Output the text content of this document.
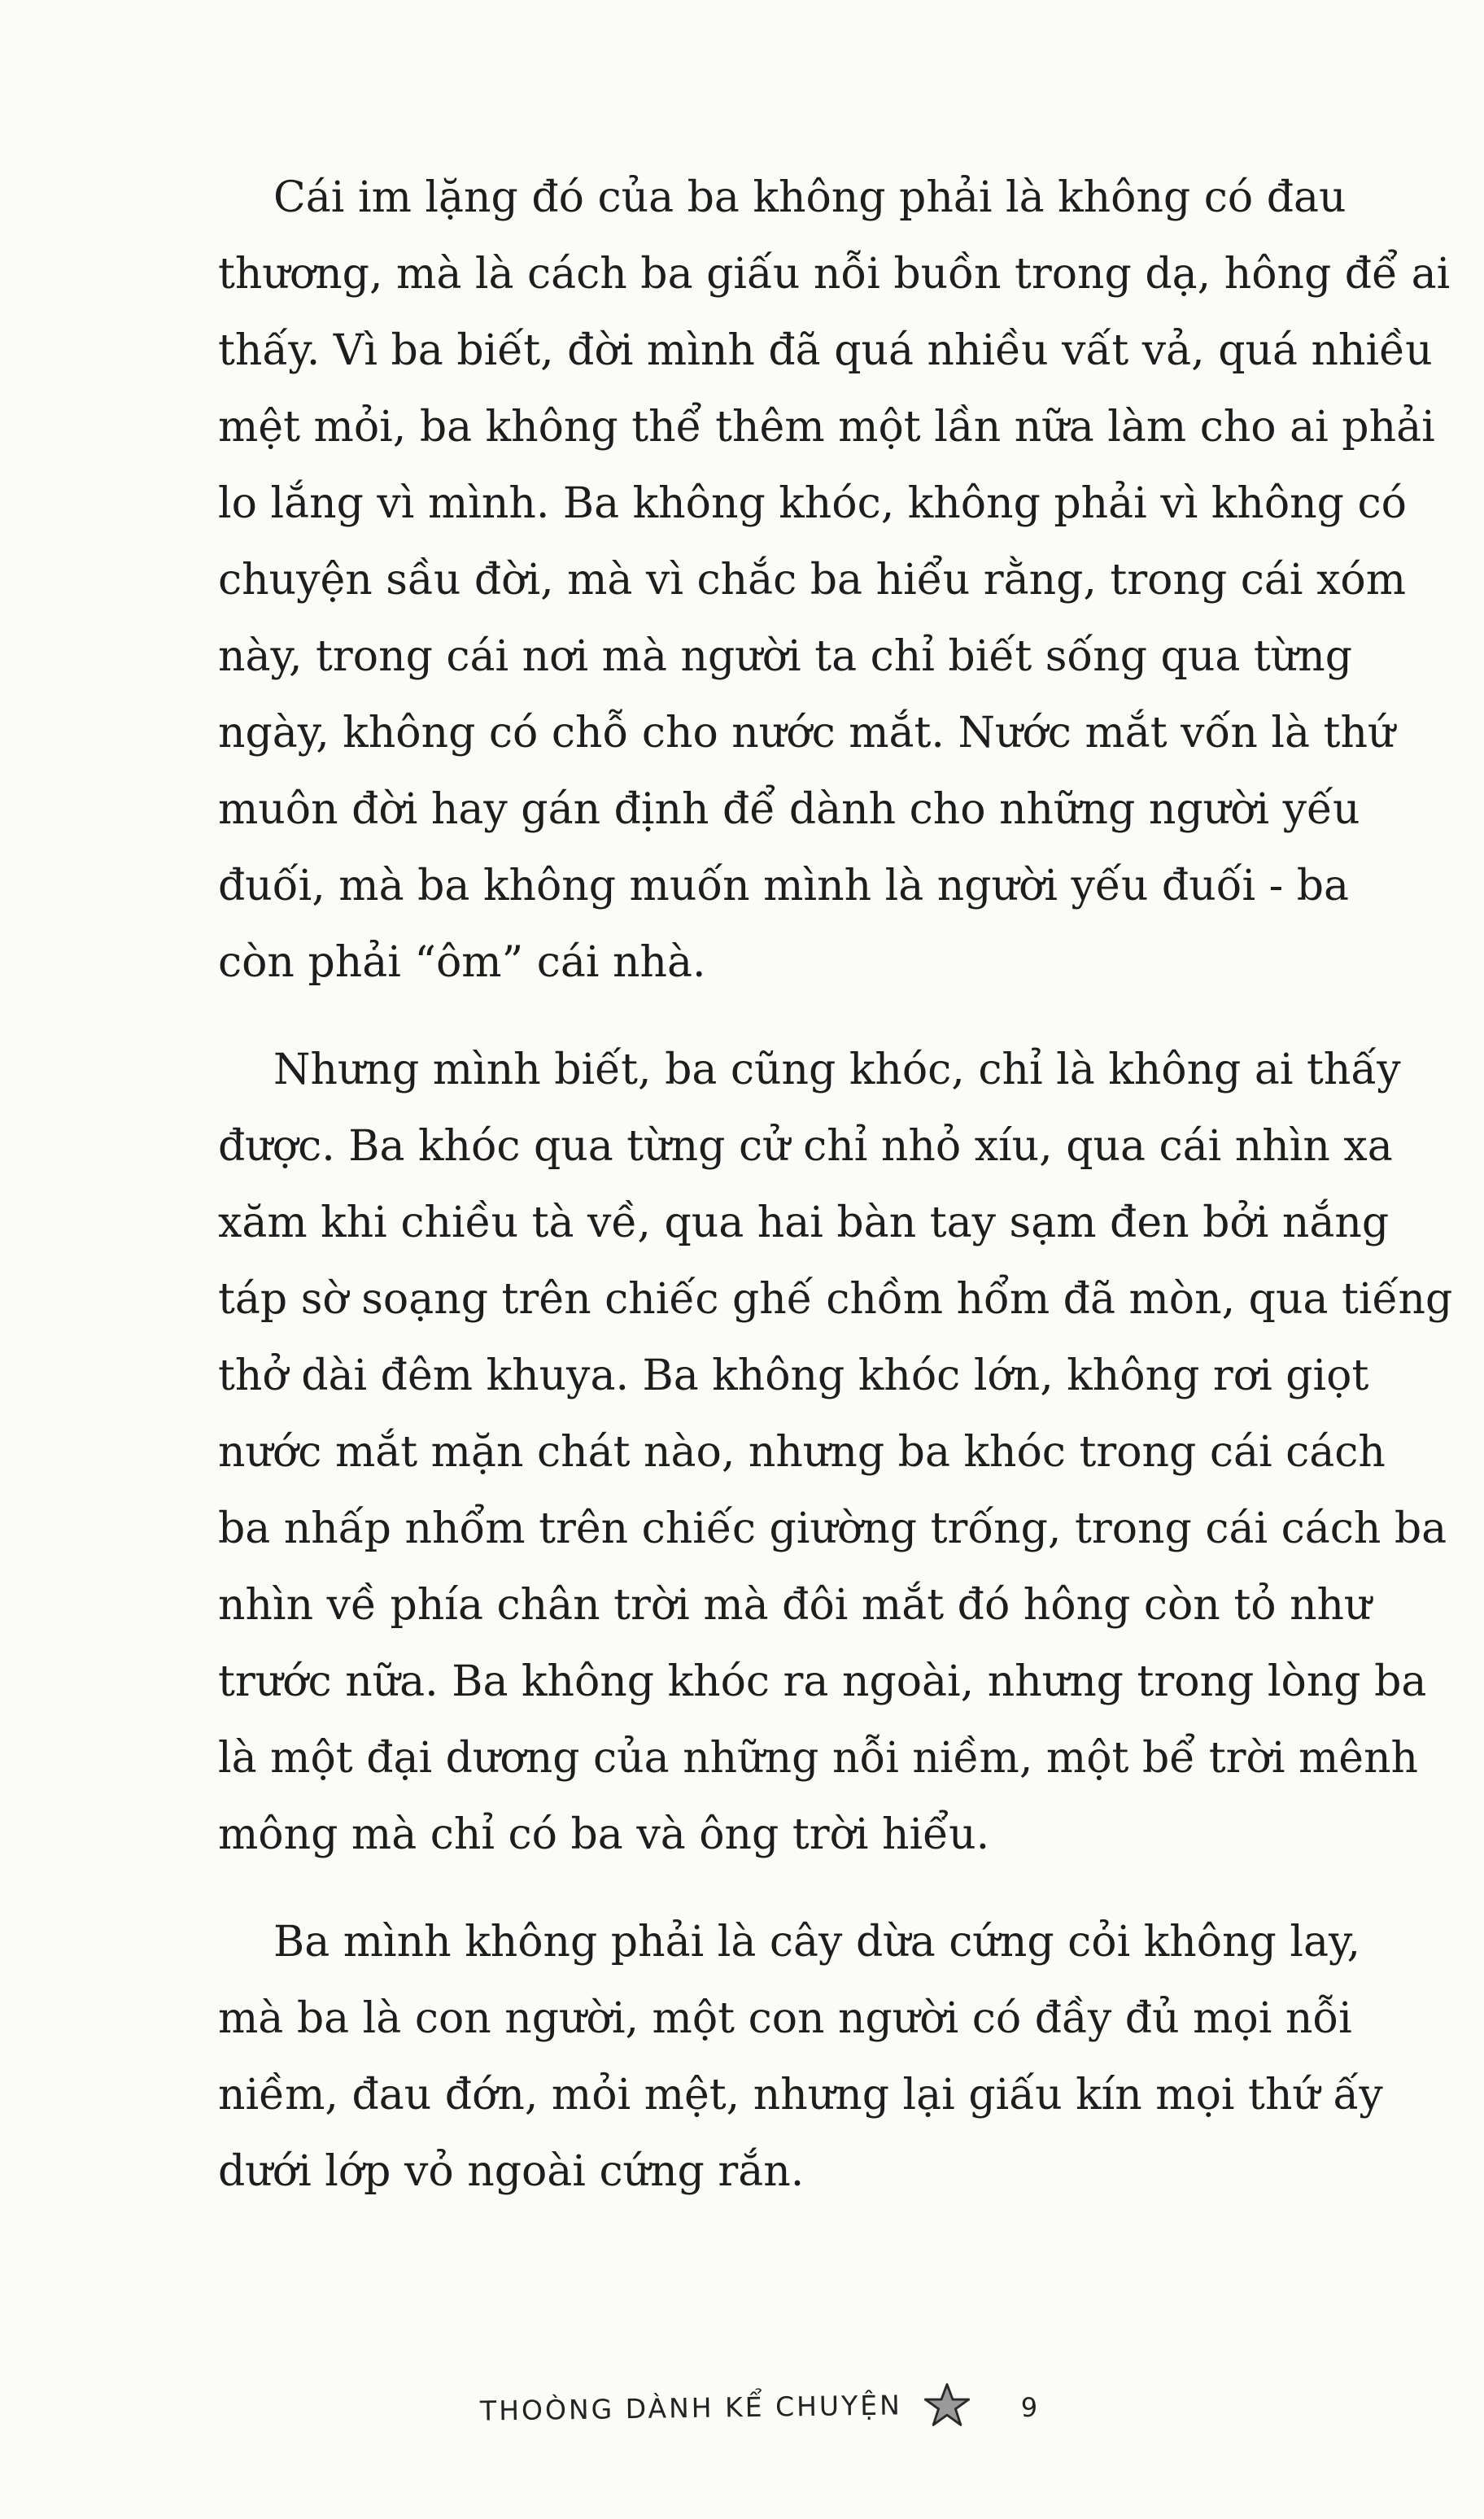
Cái im lặng đó của ba không phải là không có đau
thương, mà là cách ba giấu nỗi buồn trong dạ, hông để ai
thấy. Vì ba biết, đời mình đã quá nhiều vất vả, quá nhiều
mệt mỏi, ba không thể thêm một lần nữa làm cho ai phải
lo lắng vì mình. Ba không khóc, không phải vì không có
chuyện sầu đời, mà vì chắc ba hiểu rằng, trong cái xóm
này, trong cái nơi mà người ta chỉ biết sống qua từng
ngày, không có chỗ cho nước mắt. Nước mắt vốn là thứ
muôn đời hay gán định để dành cho những người yếu
đuối, mà ba không muốn mình là người yếu đuối - ba
còn phải “ôm” cái nhà.
Nhưng mình biết, ba cũng khóc, chỉ là không ai thấy
được. Ba khóc qua từng cử chỉ nhỏ xíu, qua cái nhìn xa
xăm khi chiều tà về, qua hai bàn tay sạm đen bởi nắng
táp sờ soạng trên chiếc ghế chồm hổm đã mòn, qua tiếng
thở dài đêm khuya. Ba không khóc lớn, không rơi giọt
nước mắt mặn chát nào, nhưng ba khóc trong cái cách
ba nhấp nhổm trên chiếc giường trống, trong cái cách ba
nhìn về phía chân trời mà đôi mắt đó hông còn tỏ như
trước nữa. Ba không khóc ra ngoài, nhưng trong lòng ba
là một đại dương của những nỗi niềm, một bể trời mênh
mông mà chỉ có ba và ông trời hiểu.
Ba mình không phải là cây dừa cứng cỏi không lay,
mà ba là con người, một con người có đầy đủ mọi nỗi
niềm, đau đớn, mỏi mệt, nhưng lại giấu kín mọi thứ ấy
dưới lớp vỏ ngoài cứng rắn.
THOÒNG DÀNH KỂ CHUYỆN	9
